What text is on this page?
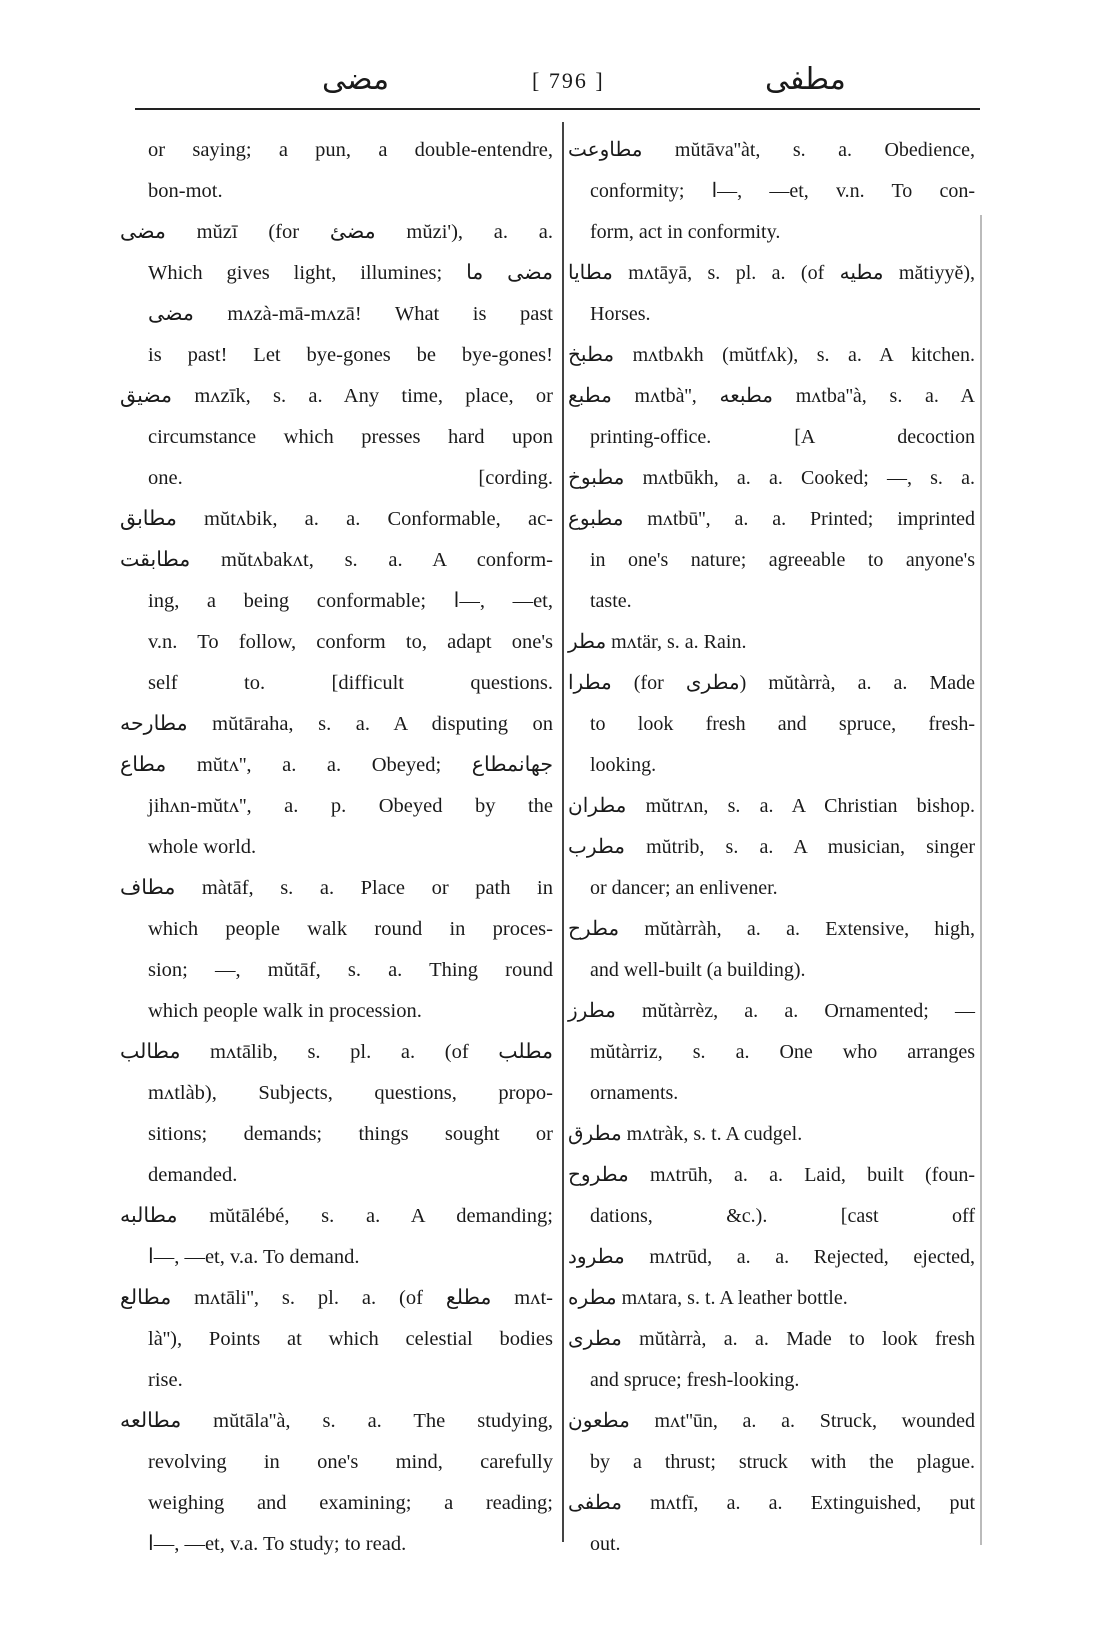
مضى	[ 796 ]	مطفى
or saying; a pun, a double-entendre,
bon-mot.
مضى mŭzī (for مضئ mŭzi'), a. a.
Which gives light, illumines; مضى ما
مضى mʌzà-mā-mʌzā! What is past
is past! Let bye-gones be bye-gones!
مضيق mʌzīk, s. a. Any time, place, or
circumstance which presses hard upon
one. [cording.
مطابق mŭtʌbik, a. a. Conformable, ac-
مطابقت mŭtʌbakʌt, s. a. A conform-
ing, a being conformable; ا—, —et,
v.n. To follow, conform to, adapt one's
self to. [difficult questions.
مطارحه mŭtāraha, s. a. A disputing on
مطاع mŭtʌ'', a. a. Obeyed; جهانمطاع
jihʌn-mŭtʌ'', a. p. Obeyed by the
whole world.
مطاف màtāf, s. a. Place or path in
which people walk round in proces-
sion; —, mŭtāf, s. a. Thing round
which people walk in procession.
مطالب mʌtālib, s. pl. a. (of مطلب
mʌtlàb), Subjects, questions, propo-
sitions; demands; things sought or
demanded.
مطالبه mŭtālébé, s. a. A demanding;
ا—, —et, v.a. To demand.
مطالع mʌtāli'', s. pl. a. (of مطلع mʌt-
là''), Points at which celestial bodies
rise.
مطالعه mŭtāla''à, s. a. The studying,
revolving in one's mind, carefully
weighing and examining; a reading;
ا—, —et, v.a. To study; to read.
مطاوعت mŭtāva''àt, s. a. Obedience,
conformity; ا—, —et, v.n. To con-
form, act in conformity.
مطايا mʌtāyā, s. pl. a. (of مطيه mătiyyĕ),
Horses.
مطبخ mʌtbʌkh (mŭtfʌk), s. a. A kitchen.
مطبع mʌtbà'', مطبعه mʌtba''à, s. a. A
printing-office. [A decoction
مطبوخ mʌtbūkh, a. a. Cooked; —, s. a.
مطبوع mʌtbū'', a. a. Printed; imprinted
in one's nature; agreeable to anyone's
taste.
مطر mʌtär, s. a. Rain.
مطرا (for مطرى) mŭtàrrà, a. a. Made
to look fresh and spruce, fresh-
looking.
مطران mŭtrʌn, s. a. A Christian bishop.
مطرب mŭtrib, s. a. A musician, singer
or dancer; an enlivener.
مطرح mŭtàrràh, a. a. Extensive, high,
and well-built (a building).
مطرز mŭtàrrèz, a. a. Ornamented; —
mŭtàrriz, s. a. One who arranges
ornaments.
مطرق mʌtràk, s. t. A cudgel.
مطروح mʌtrūh, a. a. Laid, built (foun-
dations, &c.). [cast off
مطرود mʌtrūd, a. a. Rejected, ejected,
مطره mʌtara, s. t. A leather bottle.
مطرى mŭtàrrà, a. a. Made to look fresh
and spruce; fresh-looking.
مطعون mʌt''ūn, a. a. Struck, wounded
by a thrust; struck with the plague.
مطفى mʌtfī, a. a. Extinguished, put
out.
